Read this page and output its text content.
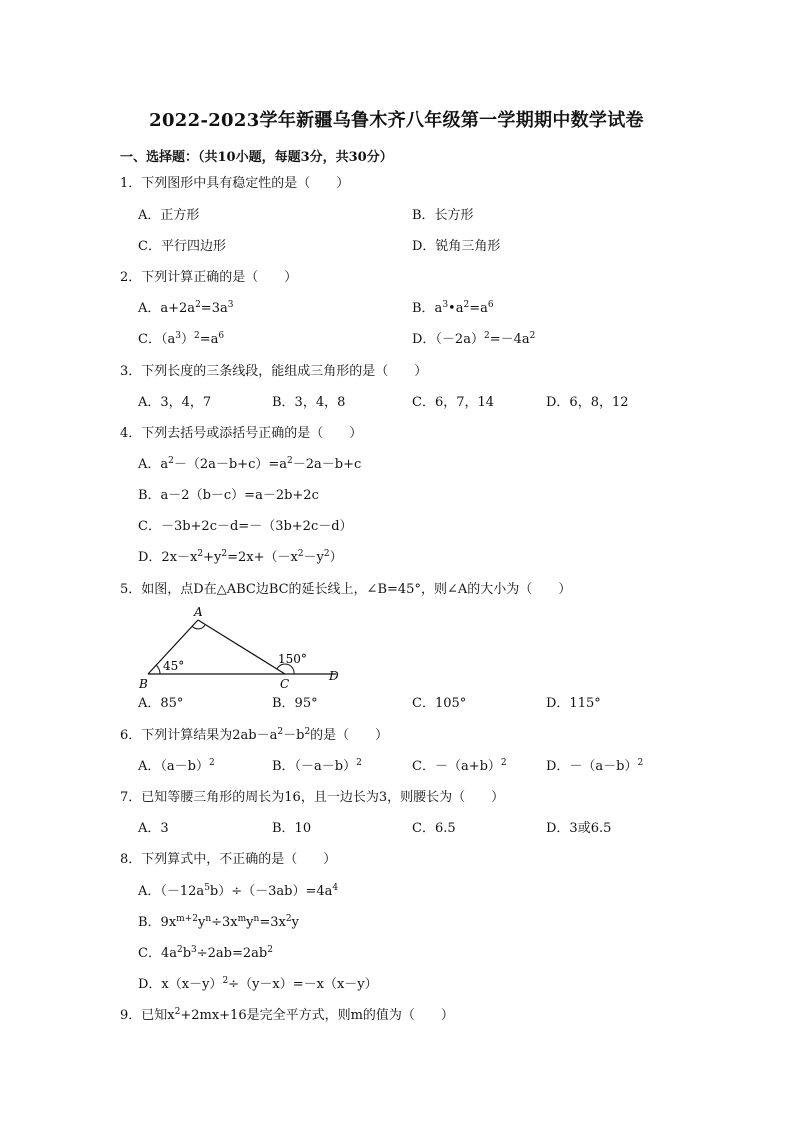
2022-2023学年新疆乌鲁木齐八年级第一学期期中数学试卷
一、选择题：（共10小题，每题3分，共30分）
1．下列图形中具有稳定性的是（　　）
A．正方形	B．长方形
C．平行四边形	D．锐角三角形
2．下列计算正确的是（　　）
A．$a+2a^2=3a^3$	B．$a^3•a^2=a^6$
C．$(a^3)^2=a^6$	D．$(-2a)^2=-4a^2$
3．下列长度的三条线段，能组成三角形的是（　　）
A．3，4，7	B．3，4，8	C．6，7，14	D．6，8，12
4．下列去括号或添括号正确的是（　　）
A．$a^2-(2a-b+c)=a^2-2a-b+c$
B．a－2（b－c）=a－2b+2c
C．－3b+2c－d=－（3b+2c－d）
D．$2x-x^2+y^2=2x+(-x^2-y^2)$
5．如图，点D在△ABC边BC的延长线上，∠B=45°，则∠A的大小为（　　）
A
B	C
D
45°	150°
A．85°	B．95°	C．105°	D．115°
6．下列计算结果为$2ab-a^2-b^2$的是（　　）
A．$(a-b)^2$	B．$(-a-b)^2$	C．$-(a+b)^2$	D．$-(a-b)^2$
7．已知等腰三角形的周长为16，且一边长为3，则腰长为（　　）
A．3	B．10	C．6.5	D．3或6.5
8．下列算式中，不正确的是（　　）
A．$(-12a^5b)\div(-3ab)=4a^4$
B．$9x^{m+2}y^n\div 3x^my^n=3x^2y$
C．$4a^2b^3\div 2ab=2ab^2$
D．$x(x-y)^2\div(y-x)=-x(x-y)$
9．已知$x^2+2mx+16$是完全平方式，则m的值为（　　）
